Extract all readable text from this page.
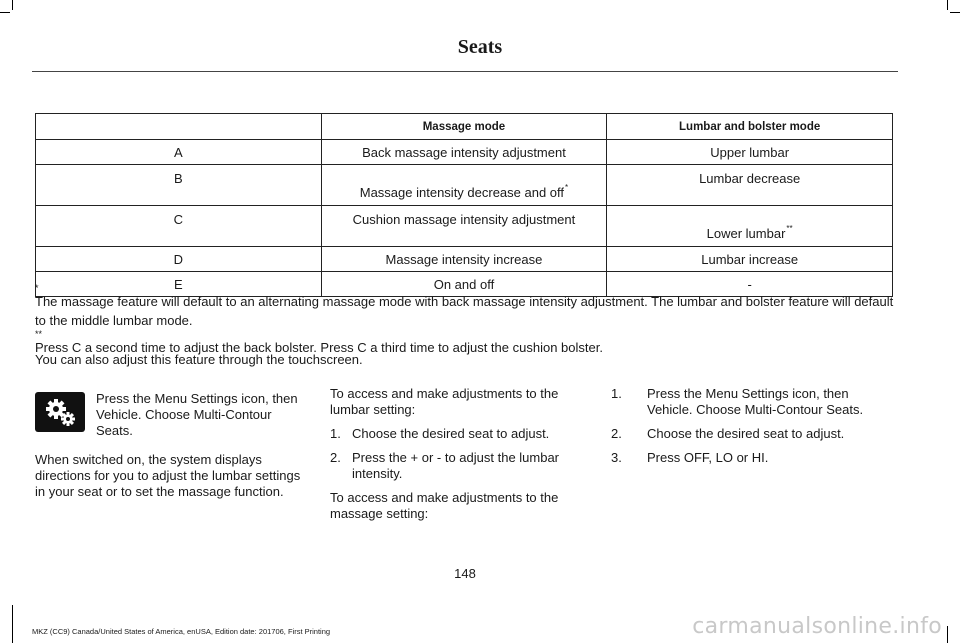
Seats
	Massage mode	Lumbar and bolster mode
A	Back massage intensity adjustment	Upper lumbar
B	Massage intensity decrease and off*	Lumbar decrease
C	Cushion massage intensity adjustment	Lower lumbar**
D	Massage intensity increase	Lumbar increase
E	On and off	-

*
The massage feature will default to an alternating massage mode with back massage intensity adjustment. The lumbar and bolster feature will default to the middle lumbar mode.

**
Press C a second time to adjust the back bolster. Press C a third time to adjust the cushion bolster.

You can also adjust this feature through the touchscreen.

Press the Menu Settings icon, then Vehicle. Choose Multi-Contour Seats.

When switched on, the system displays directions for you to adjust the lumbar settings in your seat or to set the massage function.

To access and make adjustments to the lumbar setting:

1. Choose the desired seat to adjust.
2. Press the + or - to adjust the lumbar intensity.

To access and make adjustments to the massage setting:

1. Press the Menu Settings icon, then Vehicle. Choose Multi-Contour Seats.
2. Choose the desired seat to adjust.
3. Press OFF, LO or HI.
148
MKZ (CC9) Canada/United States of America, enUSA, Edition date: 201706, First Printing	carmanualsonline.info
